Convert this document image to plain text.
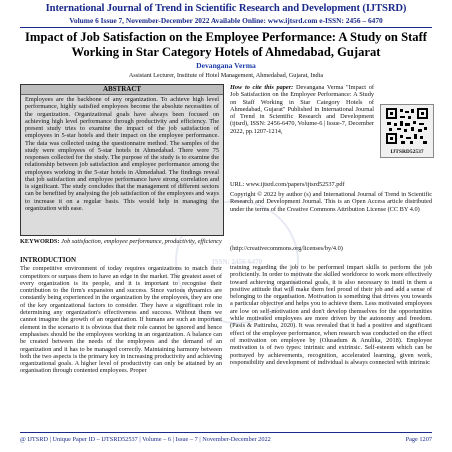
International Journal of Trend in Scientific Research and Development (IJTSRD)
Volume 6 Issue 7, November-December 2022 Available Online: www.ijtsrd.com e-ISSN: 2456 – 6470
Impact of Job Satisfaction on the Employee Performance: A Study on Staff Working in Star Category Hotels of Ahmedabad, Gujarat
Devangana Verma
Assistant Lecturer, Institute of Hotel Management, Ahmedabad, Gujarat, India
ISSN: 2456-6470
ABSTRACT
Employees are the backbone of any organization. To achieve high level performance, highly satisfied employees become the absolute necessities of the organization. Organizational goals have always been focused on achieving high level performance through productivity and efficiency. The present study tries to examine the impact of the job satisfaction of employees in 5-star hotels and their impact on the employee performance. The data was collected using the questionnaire method. The samples of the study were employees of 5-star hotels in Ahmedabad. There were 75 responses collected for the study. The purpose of the study is to examine the relationship between job satisfaction and employee performance among the employees working in the 5-star hotels in Ahmedabad. The findings reveal that job satisfaction and employee performance have strong correlation and is significant. The study concludes that the management of different sectors can be benefited by analysing the job satisfaction of the employees and ways to increase it on a regular basis. This would help in managing the organization with ease.
KEYWORDS: Job satisfaction, employee performance, productivity, efficiency
How to cite this paper: Devangana Verma "Impact of Job Satisfaction on the Employee Performance: A Study on Staff Working in Star Category Hotels of Ahmedabad, Gujarat" Published in International Journal of Trend in Scientific Research and Development (ijtsrd), ISSN: 2456-6470, Volume-6 | Issue-7, December 2022, pp.1207-1214,
IJTSRD52537
URL: www.ijtsrd.com/papers/ijtsrd52537.pdf
Copyright © 2022 by author (s) and International Journal of Trend in Scientific Research and Development Journal. This is an Open Access article distributed under the terms of the Creative Commons Attribution License (CC BY 4.0)
(http://creativecommons.org/licenses/by/4.0)
INTRODUCTION

The competitive environment of today requires organizations to match their competitors or surpass them to have an edge in the market. The greatest asset of every organization is its people, and it is important to recognise their contribution to the firm's expansion and success. Since various dynamics are constantly being experienced in the organization by the employees, they are one of the key organizational factors to consider. They have a significant role in determining any organization's effectiveness and success. Without them we cannot imagine the growth of an organization. If humans are such an important element in the scenario it is obvious that their role cannot be ignored and hence emphasises should be the employees working in an organization. A balance can be created between the needs of the employees and the demand of an organization and it has to be managed correctly. Maintaining harmony between both the two aspects is the primary key in increasing productivity and achieving organizational goals. A higher level of productivity can only be attained by an organisation through contented employees. Proper

training regarding the job to be performed impart skills to perform the job proficiently. In order to motivate the skilled workforce to work more effectively toward achieving organisational goals, it is also necessary to instil in them a positive attitude that will make them feel proud of their job and add a sense of belonging to the organisation. Motivation is something that drives you towards a particular objective and helps you to achieve them. Less motivated employees are low on self-motivation and don't develop themselves for the opportunities while motivated employees are more driven by the autonomy and freedom. (Pasis & Pattiruhu, 2020). It was revealed that it had a positive and significant effect of the employee performance, when research was conducted on the effect of motivation on employee by (Olusadum & Anulika, 2018). Employee motivation is of two types: intrinsic and extrinsic. Self-esteem which can be portrayed by achievements, recognition, accelerated learning, given work, responsibility and development of individual is always connected with intrinsic

@ IJTSRD | Unique Paper ID – IJTSRD52537 | Volume – 6 | Issue – 7 | November-December 2022	Page 1207
